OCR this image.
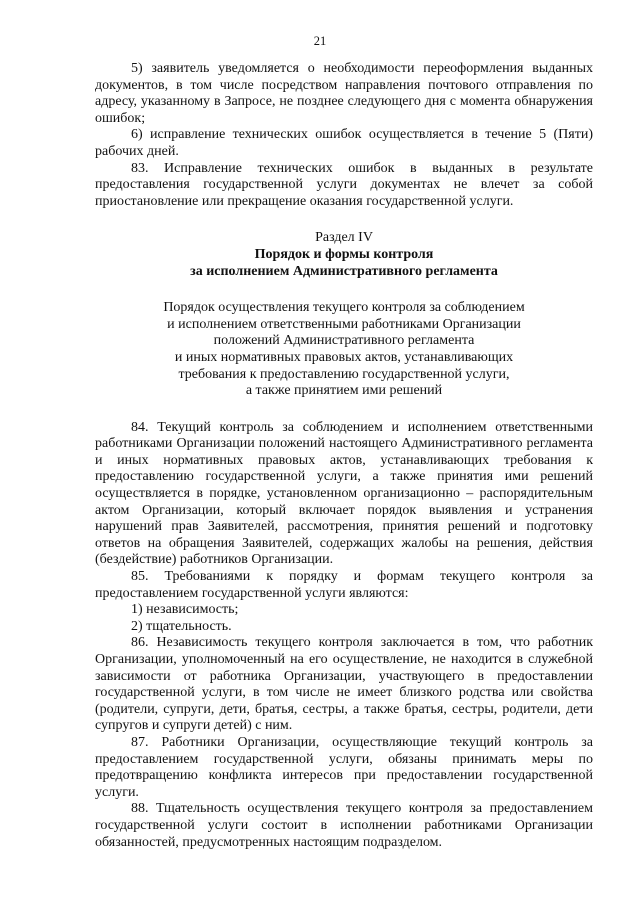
21

5) заявитель уведомляется о необходимости переоформления выданных документов, в том числе посредством направления почтового отправления по адресу, указанному в Запросе, не позднее следующего дня с момента обнаружения ошибок;

6) исправление технических ошибок осуществляется в течение 5 (Пяти) рабочих дней.

83. Исправление технических ошибок в выданных в результате предоставления государственной услуги документах не влечет за собой приостановление или прекращение оказания государственной услуги.

Раздел IV
Порядок и формы контроля
за исполнением Административного регламента
Порядок осуществления текущего контроля за соблюдением
и исполнением ответственными работниками Организации
положений Административного регламента
и иных нормативных правовых актов, устанавливающих
требования к предоставлению государственной услуги,
а также принятием ими решений

84. Текущий контроль за соблюдением и исполнением ответственными работниками Организации положений настоящего Административного регламента и иных нормативных правовых актов, устанавливающих требования к предоставлению государственной услуги, а также принятия ими решений осуществляется в порядке, установленном организационно – распорядительным актом Организации, который включает порядок выявления и устранения нарушений прав Заявителей, рассмотрения, принятия решений и подготовку ответов на обращения Заявителей, содержащих жалобы на решения, действия (бездействие) работников Организации.

85. Требованиями к порядку и формам текущего контроля за предоставлением государственной услуги являются:

1) независимость;

2) тщательность.

86. Независимость текущего контроля заключается в том, что работник Организации, уполномоченный на его осуществление, не находится в служебной зависимости от работника Организации, участвующего в предоставлении государственной услуги, в том числе не имеет близкого родства или свойства (родители, супруги, дети, братья, сестры, а также братья, сестры, родители, дети супругов и супруги детей) с ним.

87. Работники Организации, осуществляющие текущий контроль за предоставлением государственной услуги, обязаны принимать меры по предотвращению конфликта интересов при предоставлении государственной услуги.

88. Тщательность осуществления текущего контроля за предоставлением государственной услуги состоит в исполнении работниками Организации обязанностей, предусмотренных настоящим подразделом.
